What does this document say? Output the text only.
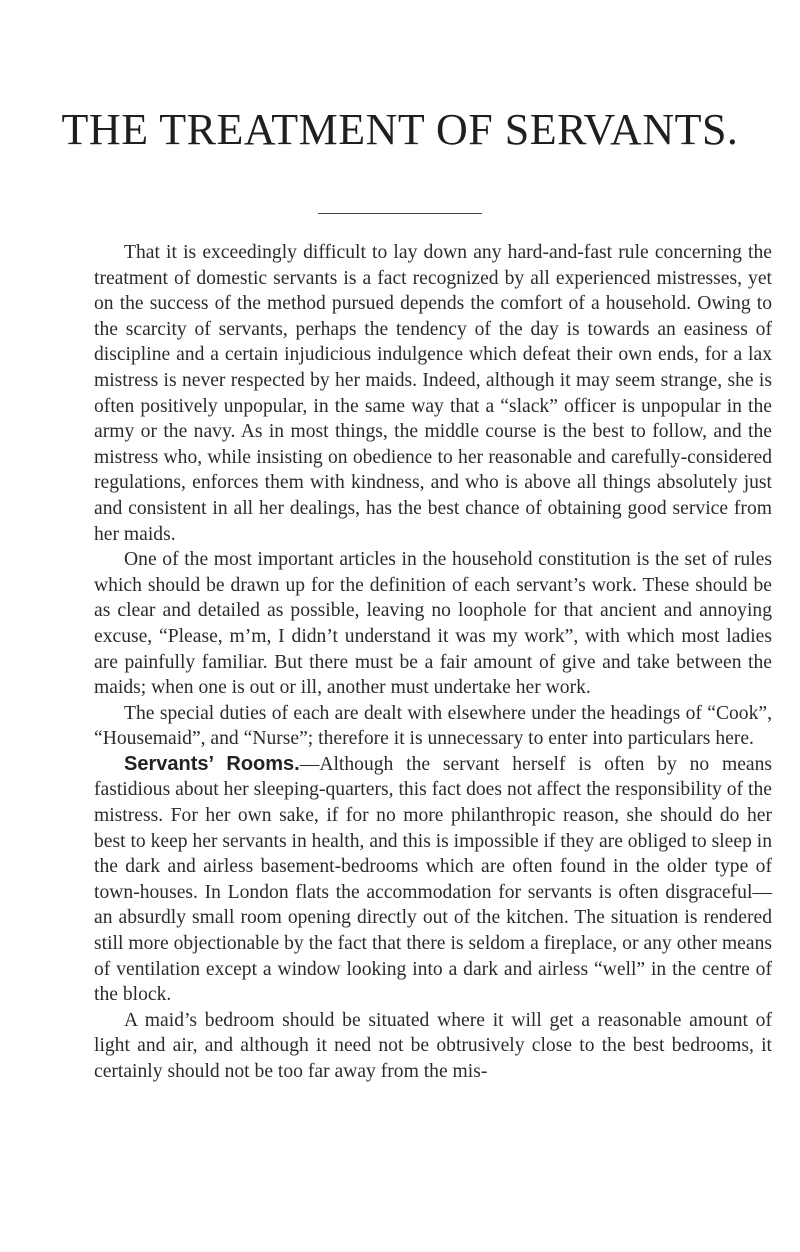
THE TREATMENT OF SERVANTS.

That it is exceedingly difficult to lay down any hard-and-fast rule concerning the treatment of domestic servants is a fact recognized by all experienced mistresses, yet on the success of the method pursued depends the comfort of a household. Owing to the scarcity of servants, perhaps the tendency of the day is towards an easiness of discipline and a certain injudicious indulgence which defeat their own ends, for a lax mistress is never respected by her maids. Indeed, although it may seem strange, she is often positively unpopular, in the same way that a “slack” officer is unpopular in the army or the navy. As in most things, the middle course is the best to follow, and the mistress who, while insisting on obedience to her reasonable and carefully-considered regulations, enforces them with kindness, and who is above all things absolutely just and consistent in all her dealings, has the best chance of obtaining good service from her maids.

One of the most important articles in the household constitution is the set of rules which should be drawn up for the definition of each servant’s work. These should be as clear and detailed as possible, leaving no loophole for that ancient and annoying excuse, “Please, m’m, I didn’t understand it was my work”, with which most ladies are painfully familiar. But there must be a fair amount of give and take between the maids; when one is out or ill, another must undertake her work.

The special duties of each are dealt with elsewhere under the headings of “Cook”, “Housemaid”, and “Nurse”; therefore it is unnecessary to enter into particulars here.

Servants’ Rooms.—Although the servant herself is often by no means fastidious about her sleeping-quarters, this fact does not affect the responsibility of the mistress. For her own sake, if for no more philanthropic reason, she should do her best to keep her servants in health, and this is impossible if they are obliged to sleep in the dark and airless basement-bedrooms which are often found in the older type of town-houses. In London flats the accommodation for servants is often disgraceful—an absurdly small room opening directly out of the kitchen. The situation is rendered still more objectionable by the fact that there is seldom a fireplace, or any other means of ventilation except a window looking into a dark and airless “well” in the centre of the block.

A maid’s bedroom should be situated where it will get a reasonable amount of light and air, and although it need not be obtrusively close to the best bedrooms, it certainly should not be too far away from the mis-
